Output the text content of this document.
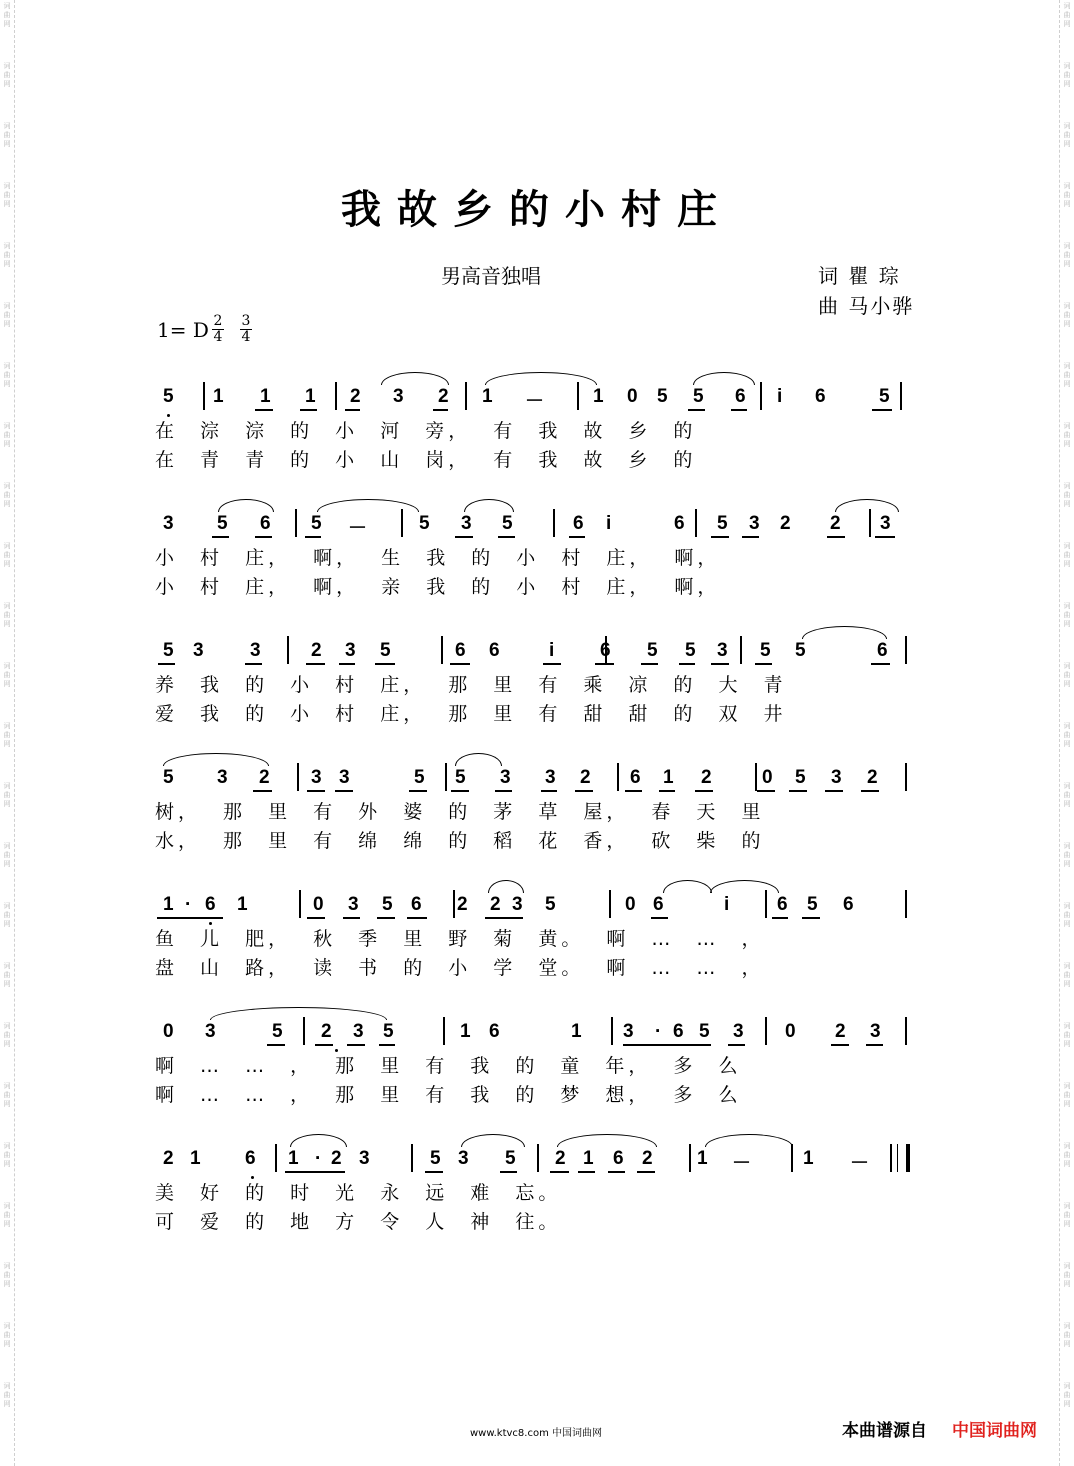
词
曲
网
词
曲
网
词
曲
网
词
曲
网
词
曲
网
词
曲
网
词
曲
网
词
曲
网
词
曲
网
词
曲
网
词
曲
网
词
曲
网
词
曲
网
词
曲
网
词
曲
网
词
曲
网
词
曲
网
词
曲
网
词
曲
网
词
曲
网
词
曲
网
词
曲
网
词
曲
网
词
曲
网
词
曲
网
词
曲
网
词
曲
网
词
曲
网
词
曲
网
词
曲
网
词
曲
网
词
曲
网
词
曲
网
词
曲
网
词
曲
网
词
曲
网
词
曲
网
词
曲
网
词
曲
网
词
曲
网
词
曲
网
词
曲
网
词
曲
网
词
曲
网
词
曲
网
词
曲
网
词
曲
网
词
曲
网
我故乡的小村庄
男高音独唱	词 瞿 琮
曲 马小骅
1= D 2
4
3
4
5 1 1 1 2 3 2 1 －	1 0 5 5 6 i 6	5
在 淙 淙 的 小 河 旁， 有 我 故 乡 的
在 青 青 的 小 山 岗， 有 我 故 乡 的
3 5 6 5 －	5 3 5	6 i	6 5 3 2 2 3
小 村 庄， 啊， 生 我 的 小 村 庄， 啊，
小 村 庄， 啊， 亲 我 的 小 村 庄， 啊，
5 3 3	2 3 5	6 6	i 6 5 5 3 5 5	6
养 我 的 小 村 庄， 那 里 有 乘 凉 的 大 青
爱 我 的 小 村 庄， 那 里 有 甜 甜 的 双 井
5 3 2 3 3	5 5 3 3 2 6 1 2	0 5 3 2
树， 那 里 有 外 婆 的 茅 草 屋， 春 天 里
水， 那 里 有 绵 绵 的 稻 花 香， 砍 柴 的
1 · 6 1	0 3 5 6 2 2 3 5	0 6	i	6 5 6
鱼 儿 肥， 秋 季 里 野 菊 黄。 啊 … … ，
盘 山 路， 读 书 的 小 学 堂。 啊 … … ，
0 3	5 2 3 5	1 6	1 3 · 6 5 3 0 2 3
啊 … … ， 那 里 有 我 的 童 年， 多 么
啊 … … ， 那 里 有 我 的 梦 想， 多 么
2 1 6 1 · 2 3	5 3 5 2 1 6 2 1 －	1 －
美 好 的 时 光 永 远 难 忘。
可 爱 的 地 方 令 人 神 往。
www.ktvc8.com 中国词曲网	本曲谱源自 中国词曲网
